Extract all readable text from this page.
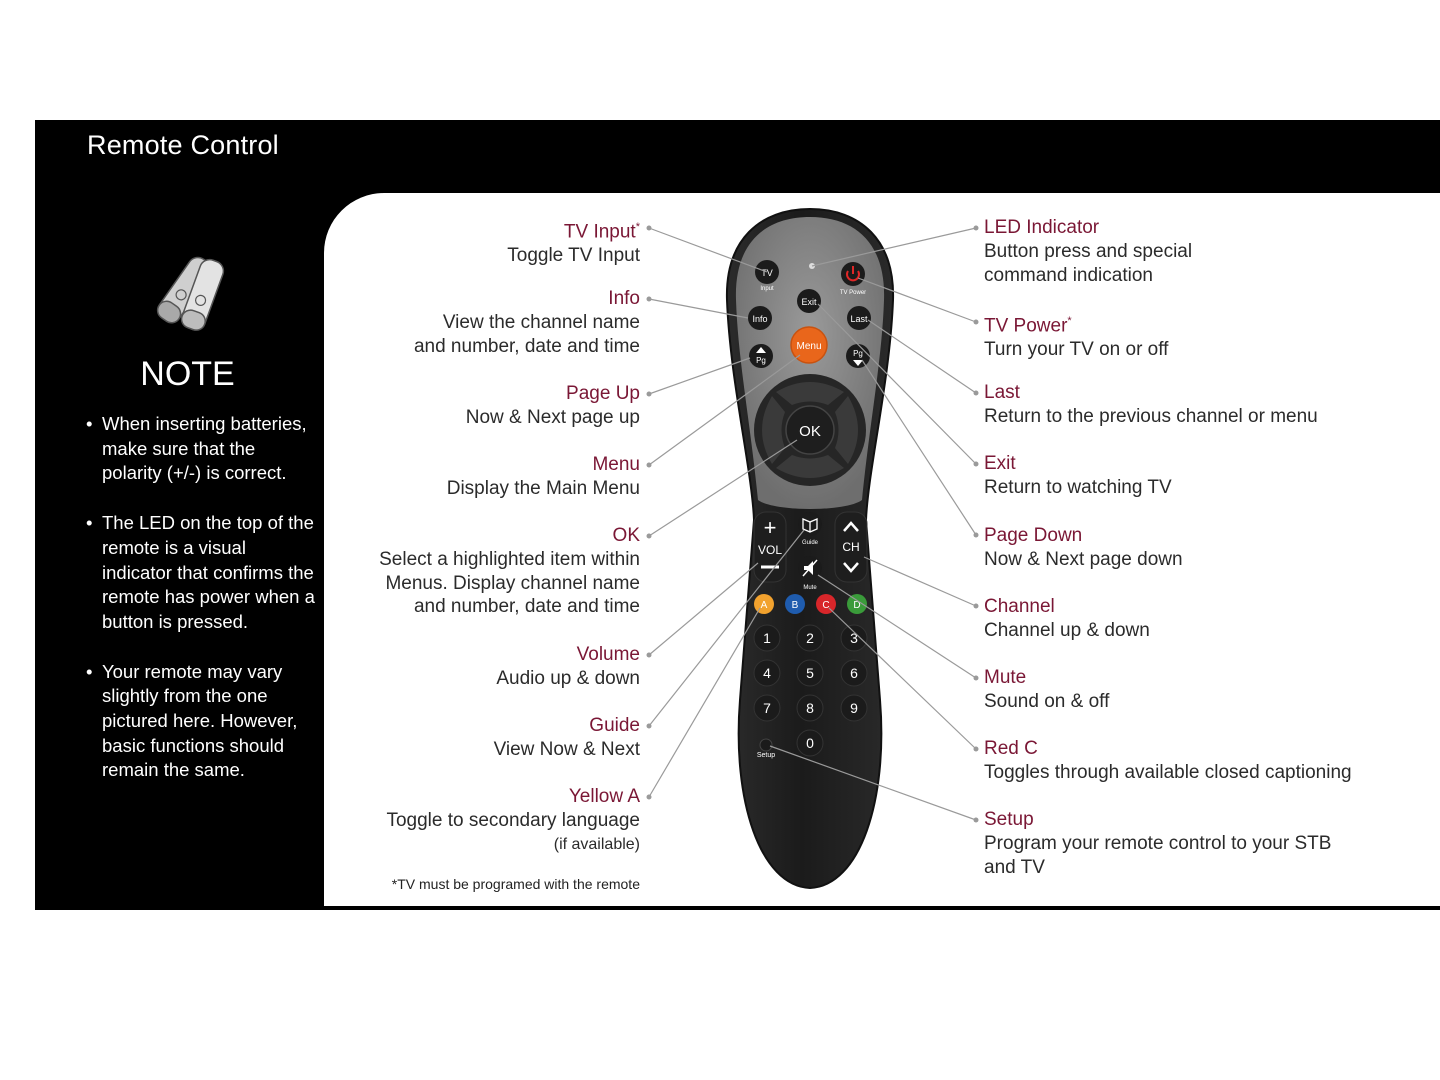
Remote Control
NOTE
• When inserting batteries, make sure that the polarity (+/-) is correct.
• The LED on the top of the remote is a visual indicator that confirms the remote has power when a button is pressed.
• Your remote may vary slightly from the one pictured here. However, basic functions should remain the same.
OK
TV
Input
TV Power
Exit
Info	Last
Menu
Pg
Pg
+
VOL	CH
Guide
Mute
A B C D
1	2	3
4	5	6
7	8	9
0
Setup
TV Input*
Toggle TV Input
Info
View the channel name
and number, date and time
Page Up
Now & Next page up
Menu
Display the Main Menu
OK
Select a highlighted item within
Menus. Display channel name
and number, date and time
Volume
Audio up & down
Guide
View Now & Next
Yellow A
Toggle to secondary language
(if available)
*TV must be programed with the remote
LED Indicator
Button press and special
command indication
TV Power*
Turn your TV on or off
Last
Return to the previous channel or menu
Exit
Return to watching TV
Page Down
Now & Next page down
Channel
Channel up & down
Mute
Sound on & off
Red C
Toggles through available closed captioning
Setup
Program your remote control to your STB
and TV
